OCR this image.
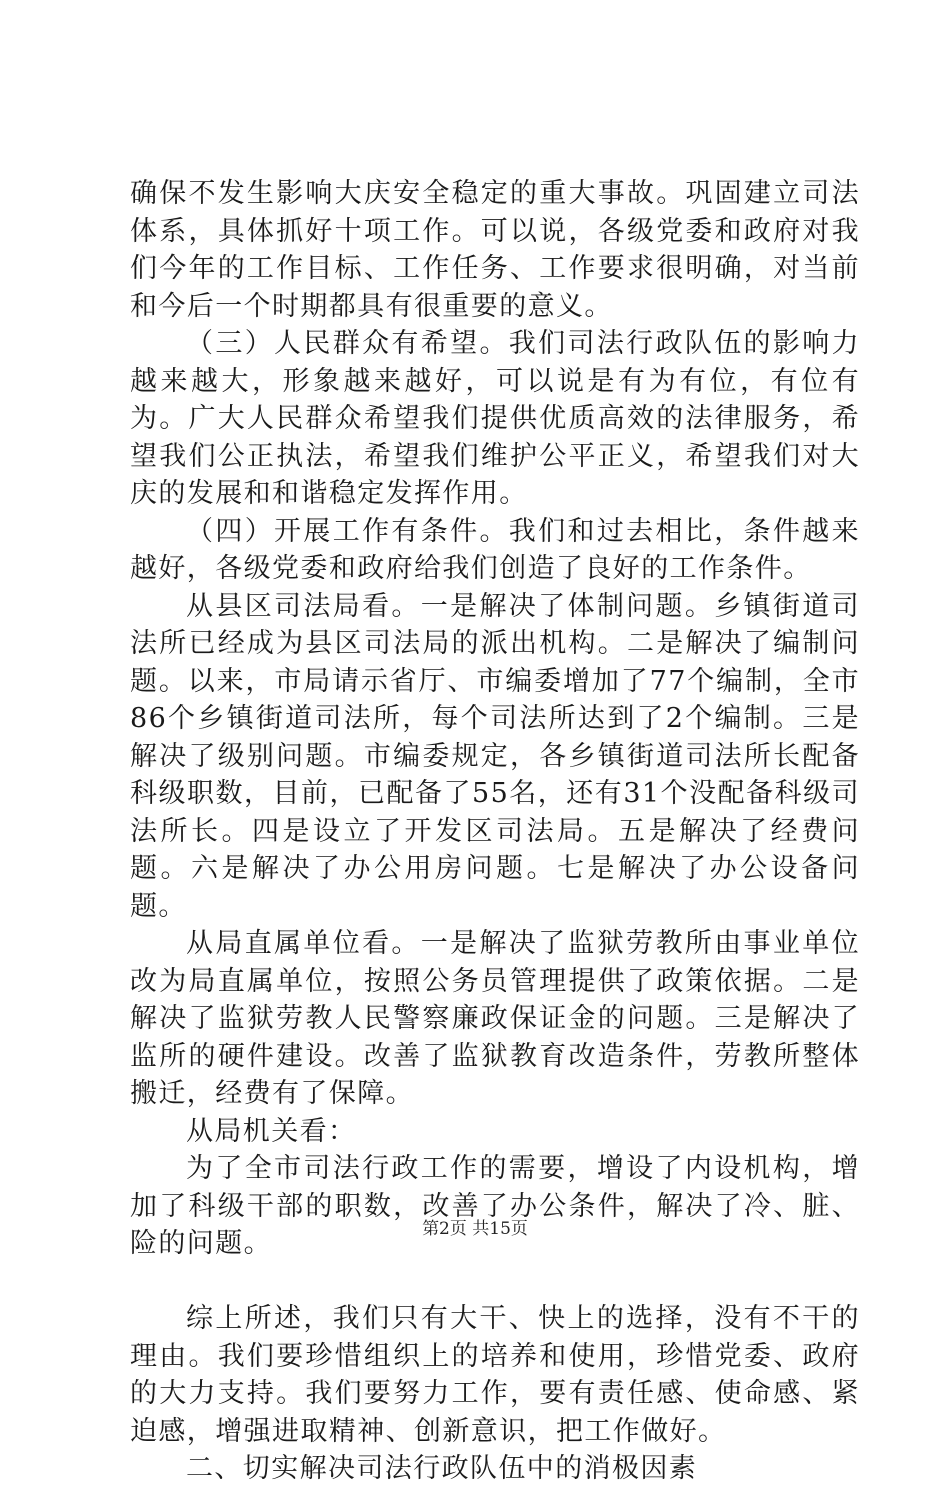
确保不发生影响大庆安全稳定的重大事故。巩固建立司法体系，具体抓好十项工作。可以说，各级党委和政府对我们今年的工作目标、工作任务、工作要求很明确，对当前和今后一个时期都具有很重要的意义。

（三）人民群众有希望。我们司法行政队伍的影响力越来越大，形象越来越好，可以说是有为有位，有位有为。广大人民群众希望我们提供优质高效的法律服务，希望我们公正执法，希望我们维护公平正义，希望我们对大庆的发展和和谐稳定发挥作用。

（四）开展工作有条件。我们和过去相比，条件越来越好，各级党委和政府给我们创造了良好的工作条件。

从县区司法局看。一是解决了体制问题。乡镇街道司法所已经成为县区司法局的派出机构。二是解决了编制问题。以来，市局请示省厅、市编委增加了77个编制，全市86个乡镇街道司法所，每个司法所达到了2个编制。三是解决了级别问题。市编委规定，各乡镇街道司法所长配备科级职数，目前，已配备了55名，还有31个没配备科级司法所长。四是设立了开发区司法局。五是解决了经费问题。六是解决了办公用房问题。七是解决了办公设备问题。

从局直属单位看。一是解决了监狱劳教所由事业单位改为局直属单位，按照公务员管理提供了政策依据。二是解决了监狱劳教人民警察廉政保证金的问题。三是解决了监所的硬件建设。改善了监狱教育改造条件，劳教所整体搬迁，经费有了保障。

从局机关看：

为了全市司法行政工作的需要，增设了内设机构，增加了科级干部的职数，改善了办公条件，解决了冷、脏、险的问题。

综上所述，我们只有大干、快上的选择，没有不干的理由。我们要珍惜组织上的培养和使用，珍惜党委、政府的大力支持。我们要努力工作，要有责任感、使命感、紧迫感，增强进取精神、创新意识，把工作做好。

二、切实解决司法行政队伍中的消极因素

第2页 共15页
